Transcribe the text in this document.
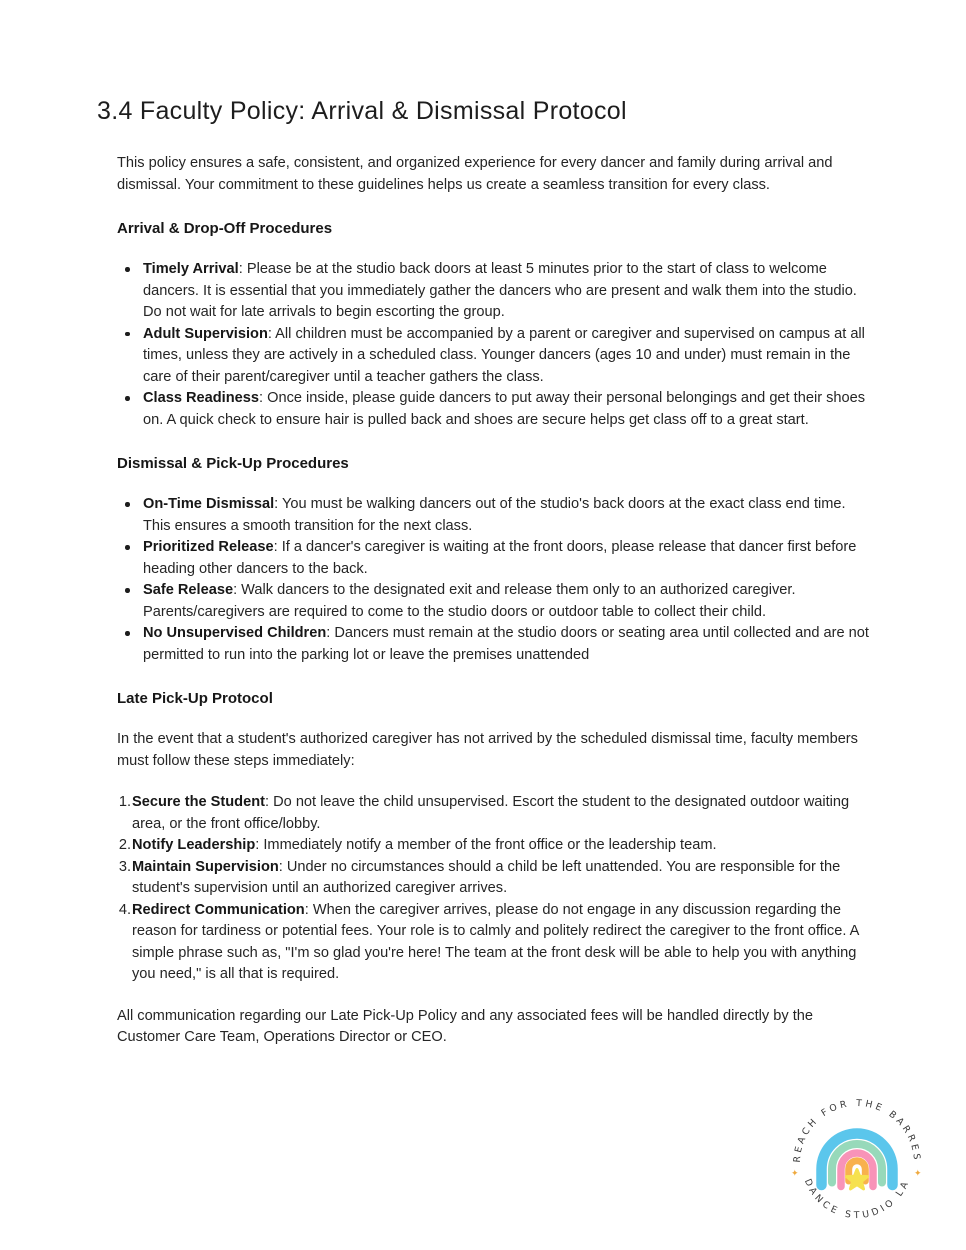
3.4 Faculty Policy: Arrival & Dismissal Protocol

This policy ensures a safe, consistent, and organized experience for every dancer and family during arrival and dismissal. Your commitment to these guidelines helps us create a seamless transition for every class.

Arrival & Drop-Off Procedures
Timely Arrival: Please be at the studio back doors at least 5 minutes prior to the start of class to welcome dancers. It is essential that you immediately gather the dancers who are present and walk them into the studio. Do not wait for late arrivals to begin escorting the group.
Adult Supervision: All children must be accompanied by a parent or caregiver and supervised on campus at all times, unless they are actively in a scheduled class. Younger dancers (ages 10 and under) must remain in the care of their parent/caregiver until a teacher gathers the class.
Class Readiness: Once inside, please guide dancers to put away their personal belongings and get their shoes on. A quick check to ensure hair is pulled back and shoes are secure helps get class off to a great start.
Dismissal & Pick-Up Procedures
On-Time Dismissal: You must be walking dancers out of the studio's back doors at the exact class end time. This ensures a smooth transition for the next class.
Prioritized Release: If a dancer's caregiver is waiting at the front doors, please release that dancer first before heading other dancers to the back.
Safe Release: Walk dancers to the designated exit and release them only to an authorized caregiver. Parents/caregivers are required to come to the studio doors or outdoor table to collect their child.
No Unsupervised Children: Dancers must remain at the studio doors or seating area until collected and are not permitted to run into the parking lot or leave the premises unattended
Late Pick-Up Protocol

In the event that a student's authorized caregiver has not arrived by the scheduled dismissal time, faculty members must follow these steps immediately:

Secure the Student: Do not leave the child unsupervised. Escort the student to the designated outdoor waiting area, or the front office/lobby.
Notify Leadership: Immediately notify a member of the front office or the leadership team.
Maintain Supervision: Under no circumstances should a child be left unattended. You are responsible for the student's supervision until an authorized caregiver arrives.
Redirect Communication: When the caregiver arrives, please do not engage in any discussion regarding the reason for tardiness or potential fees. Your role is to calmly and politely redirect the caregiver to the front office. A simple phrase such as, "I'm so glad you're here! The team at the front desk will be able to help you with anything you need," is all that is required.

All communication regarding our Late Pick-Up Policy and any associated fees will be handled directly by the Customer Care Team, Operations Director or CEO.

REACH FOR THE BARRES
DANCE STUDIO LA
✦	✦
